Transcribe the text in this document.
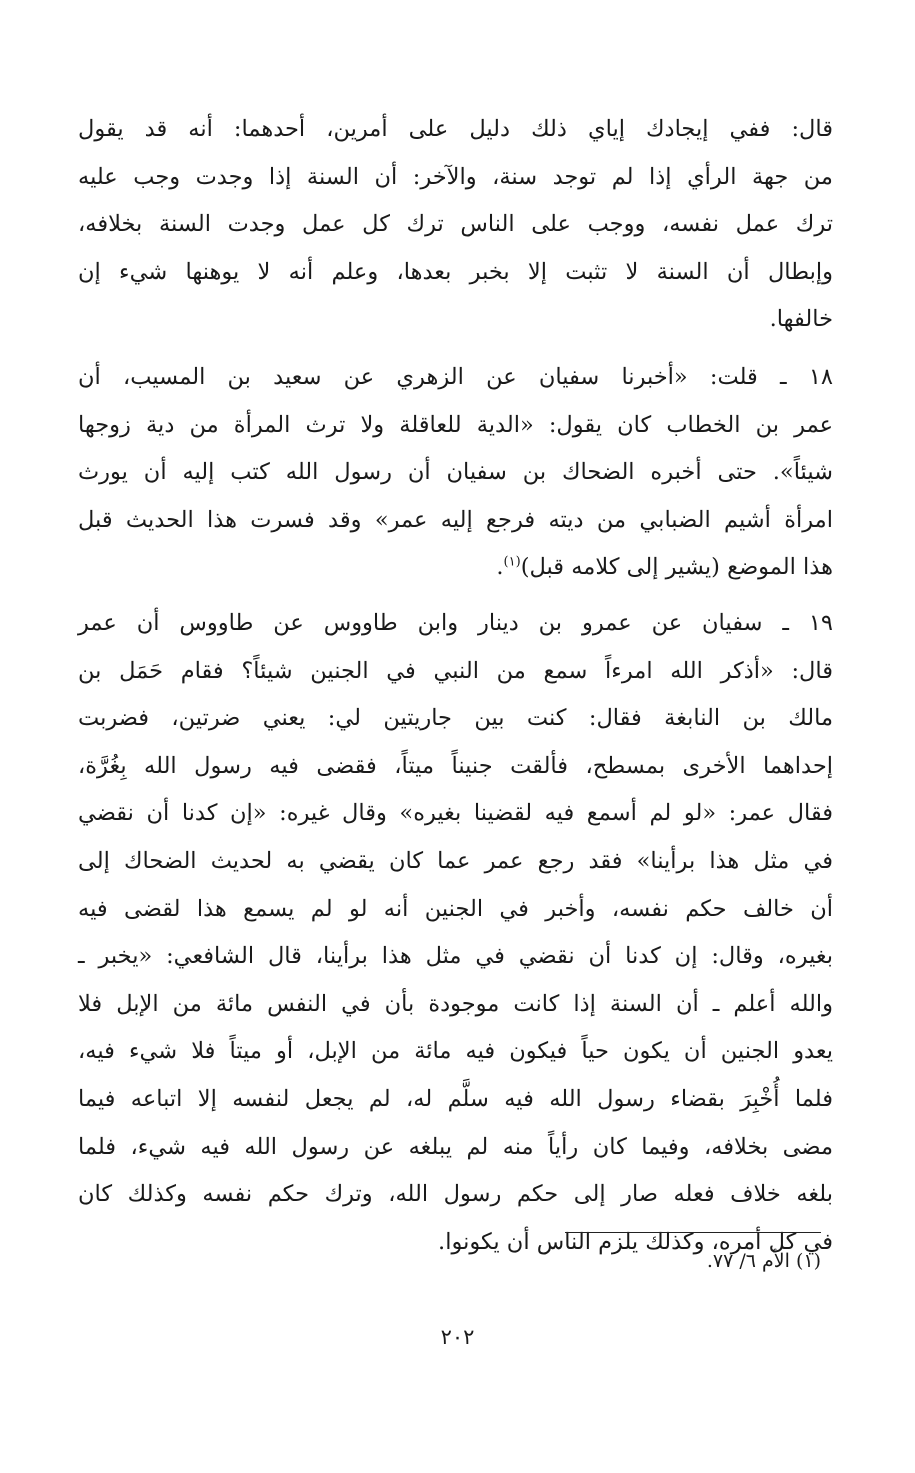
قال: ففي إيجادك إياي ذلك دليل على أمرين، أحدهما: أنه قد يقول
من جهة الرأي إذا لم توجد سنة، والآخر: أن السنة إذا وجدت وجب عليه
ترك عمل نفسه، ووجب على الناس ترك كل عمل وجدت السنة بخلافه،
وإبطال أن السنة لا تثبت إلا بخبر بعدها، وعلم أنه لا يوهنها شيء إن
خالفها.
١٨ ـ قلت: «أخبرنا سفيان عن الزهري عن سعيد بن المسيب، أن
عمر بن الخطاب كان يقول: «الدية للعاقلة ولا ترث المرأة من دية زوجها
شيئاً». حتى أخبره الضحاك بن سفيان أن رسول الله كتب إليه أن يورث
امرأة أشيم الضبابي من ديته فرجع إليه عمر» وقد فسرت هذا الحديث قبل
هذا الموضع (يشير إلى كلامه قبل)$^{(١)}$.
١٩ ـ سفيان عن عمرو بن دينار وابن طاووس عن طاووس أن عمر
قال: «أذكر الله امرءاً سمع من النبي في الجنين شيئاً؟ فقام حَمَل بن
مالك بن النابغة فقال: كنت بين جاريتين لي: يعني ضرتين، فضربت
إحداهما الأخرى بمسطح، فألقت جنيناً ميتاً، فقضى فيه رسول الله بِغُرَّة،
فقال عمر: «لو لم أسمع فيه لقضينا بغيره» وقال غيره: «إن كدنا أن نقضي
في مثل هذا برأينا» فقد رجع عمر عما كان يقضي به لحديث الضحاك إلى
أن خالف حكم نفسه، وأخبر في الجنين أنه لو لم يسمع هذا لقضى فيه
بغيره، وقال: إن كدنا أن نقضي في مثل هذا برأينا، قال الشافعي: «يخبر ـ
والله أعلم ـ أن السنة إذا كانت موجودة بأن في النفس مائة من الإبل فلا
يعدو الجنين أن يكون حياً فيكون فيه مائة من الإبل، أو ميتاً فلا شيء فيه،
فلما أُخْبِرَ بقضاء رسول الله فيه سلَّم له، لم يجعل لنفسه إلا اتباعه فيما
مضى بخلافه، وفيما كان رأياً منه لم يبلغه عن رسول الله فيه شيء، فلما
بلغه خلاف فعله صار إلى حكم رسول الله، وترك حكم نفسه وكذلك كان
في كل أمره، وكذلك يلزم الناس أن يكونوا.
(١) الأم ٦/ ٧٧.
٢٠٢
